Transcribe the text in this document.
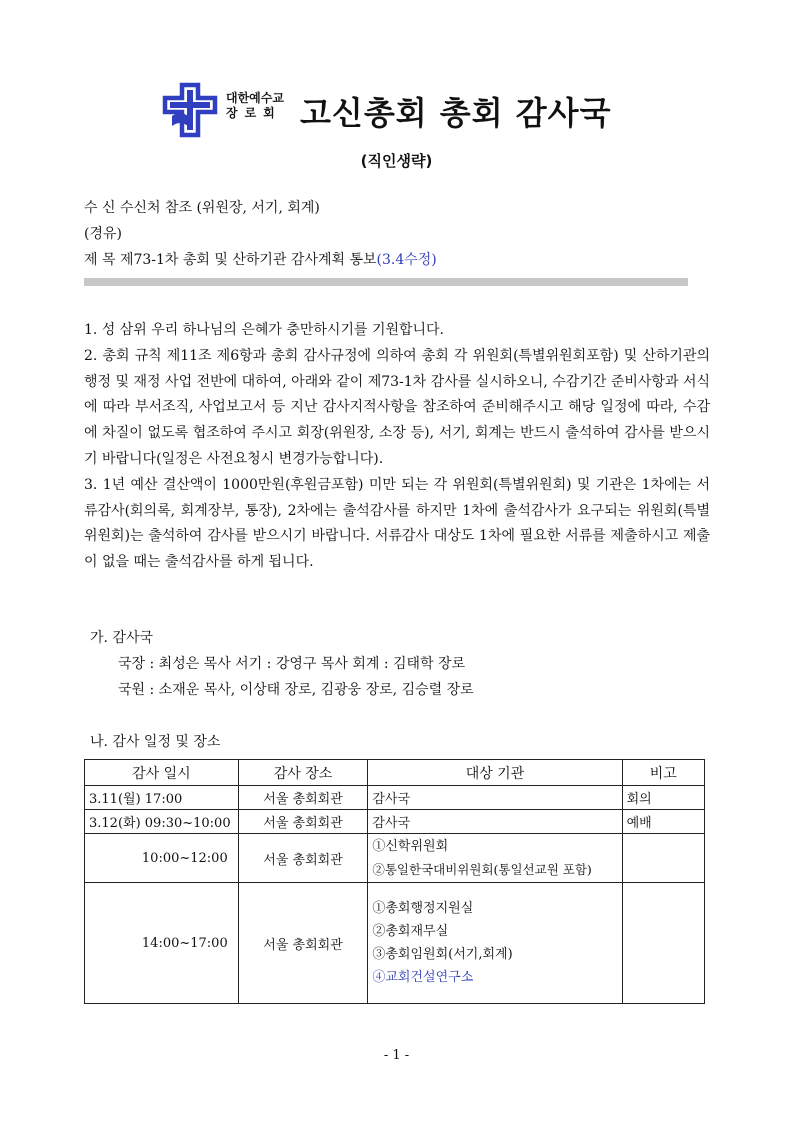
대한예수교
장로회 고신총회 총회 감사국
(직인생략)
수 신 수신처 참조 (위원장, 서기, 회계)
(경유)
제 목 제73-1차 총회 및 산하기관 감사계획 통보(3.4수정)

1. 성 삼위 우리 하나님의 은혜가 충만하시기를 기원합니다.

2. 총회 규칙 제11조 제6항과 총회 감사규정에 의하여 총회 각 위원회(특별위원회포함) 및 산하기관의 행정 및 재정 사업 전반에 대하여, 아래와 같이 제73-1차 감사를 실시하오니, 수감기간 준비사항과 서식에 따라 부서조직, 사업보고서 등 지난 감사지적사항을 참조하여 준비해주시고 해당 일정에 따라, 수감에 차질이 없도록 협조하여 주시고 회장(위원장, 소장 등), 서기, 회계는 반드시 출석하여 감사를 받으시기 바랍니다(일정은 사전요청시 변경가능합니다).

3. 1년 예산 결산액이 1000만원(후원금포함) 미만 되는 각 위원회(특별위원회) 및 기관은 1차에는 서류감사(회의록, 회계장부, 통장), 2차에는 출석감사를 하지만 1차에 출석감사가 요구되는 위원회(특별위원회)는 출석하여 감사를 받으시기 바랍니다. 서류감사 대상도 1차에 필요한 서류를 제출하시고 제출이 없을 때는 출석감사를 하게 됩니다.

가. 감사국
국장 : 최성은 목사 서기 : 강영구 목사 회계 : 김태학 장로
국원 : 소재운 목사, 이상태 장로, 김광웅 장로, 김승렬 장로
나. 감사 일정 및 장소
감사 일시	감사 장소	대상 기관	비고
3.11(월) 17:00	서울 총회회관	감사국	회의
3.12(화) 09:30~10:00	서울 총회회관	감사국	예배
10:00~12:00	서울 총회회관	①신학위원회
②통일한국대비위원회(통일선교원 포함)	

14:00~17:00	서울 총회회관	①총회행정지원실
②총회재무실
③총회임원회(서기,회계)
④교회건설연구소	

- 1 -
